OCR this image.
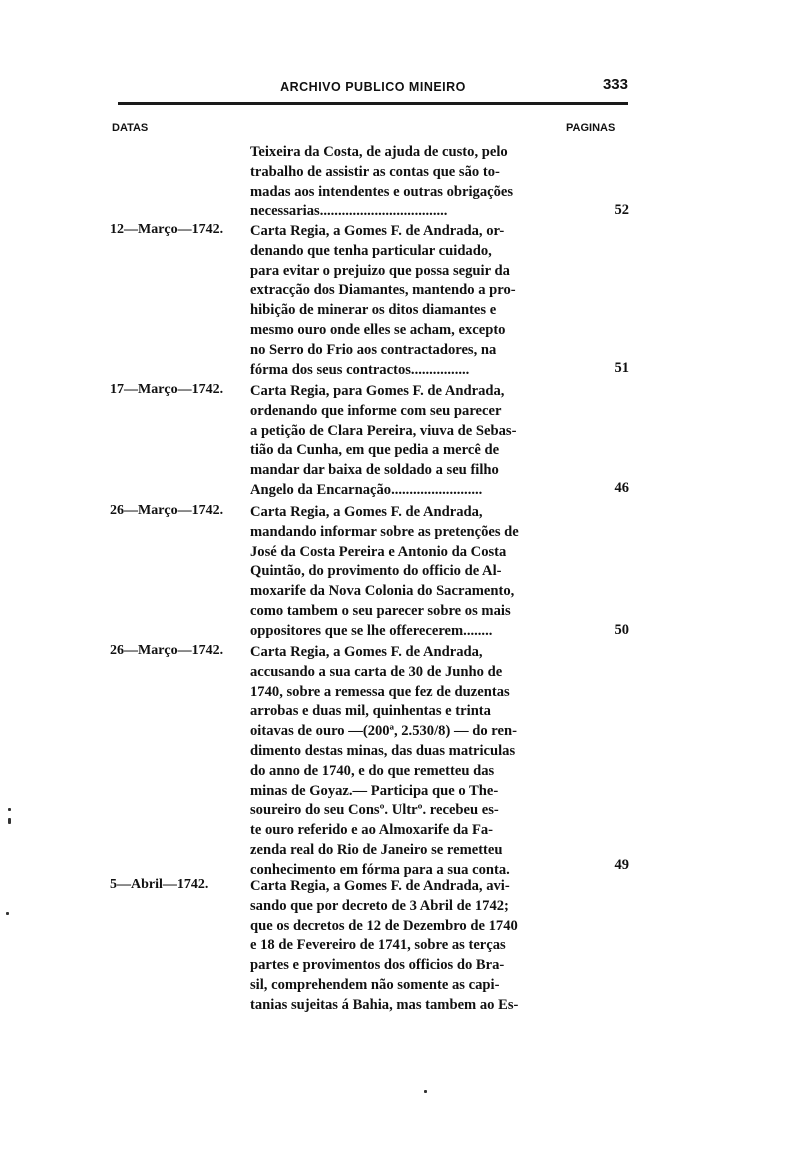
ARCHIVO PUBLICO MINEIRO	333
DATAS	PAGINAS
Teixeira da Costa, de ajuda de custo, pelo
trabalho de assistir as contas que são to-
madas aos intendentes e outras obrigações
necessarias...................................	52
12—Março—1742.	Carta Regia, a Gomes F. de Andrada, or-
denando que tenha particular cuidado,
para evitar o prejuizo que possa seguir da
extracção dos Diamantes, mantendo a pro-
hibição de minerar os ditos diamantes e
mesmo ouro onde elles se acham, excepto
no Serro do Frio aos contractadores, na
fórma dos seus contractos................	51
17—Março—1742.	Carta Regia, para Gomes F. de Andrada,
ordenando que informe com seu parecer
a petição de Clara Pereira, viuva de Sebas-
tião da Cunha, em que pedia a mercê de
mandar dar baixa de soldado a seu filho
Angelo da Encarnação.........................	46
26—Março—1742.	Carta Regia, a Gomes F. de Andrada,
mandando informar sobre as pretenções de
José da Costa Pereira e Antonio da Costa
Quintão, do provimento do officio de Al-
moxarife da Nova Colonia do Sacramento,
como tambem o seu parecer sobre os mais
oppositores que se lhe offerecerem........	50
26—Março—1742.	Carta Regia, a Gomes F. de Andrada,
accusando a sua carta de 30 de Junho de
1740, sobre a remessa que fez de duzentas
arrobas e duas mil, quinhentas e trinta
oitavas de ouro —(200ª, 2.530/8) — do ren-
dimento destas minas, das duas matriculas
do anno de 1740, e do que remetteu das
minas de Goyaz.— Participa que o The-
soureiro do seu Consº. Ultrº. recebeu es-
te ouro referido e ao Almoxarife da Fa-
zenda real do Rio de Janeiro se remetteu
conhecimento em fórma para a sua conta.	49
5—Abril—1742.	Carta Regia, a Gomes F. de Andrada, avi-
sando que por decreto de 3 Abril de 1742;
que os decretos de 12 de Dezembro de 1740
e 18 de Fevereiro de 1741, sobre as terças
partes e provimentos dos officios do Bra-
sil, comprehendem não somente as capi-
tanias sujeitas á Bahia, mas tambem ao Es-
